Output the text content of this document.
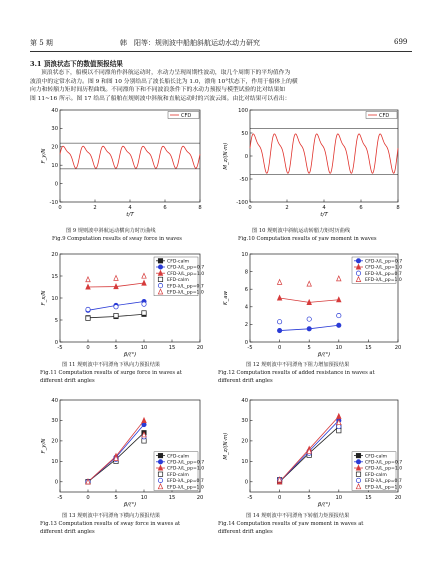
第 5 期	韩　阳等：规则波中船舶斜航运动水动力研究	699
3.1 顶浪状态下的数值预报结果
顶浪状态下，船模以不同漂角作斜航运动时，水动力呈现周期性波动，取几个周期下的平均值作为
波浪中的定常水动力。图 9 和图 10 分别给出了波长船长比为 1.0，漂角 10°状态下，作用于船体上的横
向力和转艏力矩时间历程曲线。不同漂角下和不同波浪条件下的水动力预报与模型试验的比对结果如
图 11~16 所示。图 17 给出了船舶在规则波中斜航和直航运动时的兴波云图。由比对结果可以看出：
0	2	4	6	8
-10
0
10
20
30
40
t/T
F_y/N
CFD
图 9 规则波中斜航运动横向力时历曲线
Fig.9 Computation results of sway force in waves
0	2	4	6	8
-100
-50
0
50
100
t/T
M_z/(N·m)
CFD
图 10 规则波中斜航运动转艏力矩时历曲线
Fig.10 Computation results of yaw moment in waves
-5	0	5	10	15	20
0
5
10
15
20
β/(°)
F_x/N
CFD-calm
CFD-λ/L_pp=0.7
CFD-λ/L_pp=1.0
EFD-calm
EFD-λ/L_pp=0.7
EFD-λ/L_pp=1.0
图 11 规则波中不同漂角下纵向力预报结果
Fig.11 Computation results of surge force in waves at
different drift angles
-5	0	5	10	15	20
0
2
4
6
8
10
β/(°)
K_aw
CFD-λ/L_pp=0.7
CFD-λ/L_pp=1.0
EFD-λ/L_pp=0.7
EFD-λ/L_pp=1.0
图 12 规则波中不同漂角下阻力增加预报结果
Fig.12 Computation results of added resistance in waves at
different drift angles
-5	0	5	10	15	20
0
10
20
30
40
β/(°)
F_y/N
CFD-calm
CFD-λ/L_pp=0.7
CFD-λ/L_pp=1.0
EFD-calm
EFD-λ/L_pp=0.7
EFD-λ/L_pp=1.0
图 13 规则波中不同漂角下横向力预报结果
Fig.13 Computation results of sway force in waves at
different drift angles
-5	0	5	10	15	20
0
10
20
30
40
β/(°)
M_z/(N·m)	CFD-calm
CFD-λ/L_pp=0.7
CFD-λ/L_pp=1.0
EFD-calm
EFD-λ/L_pp=0.7
EFD-λ/L_pp=1.0
图 14 规则波中不同漂角下转艏力矩预报结果
Fig.14 Computation results of yaw moment in waves at
different drift angles
